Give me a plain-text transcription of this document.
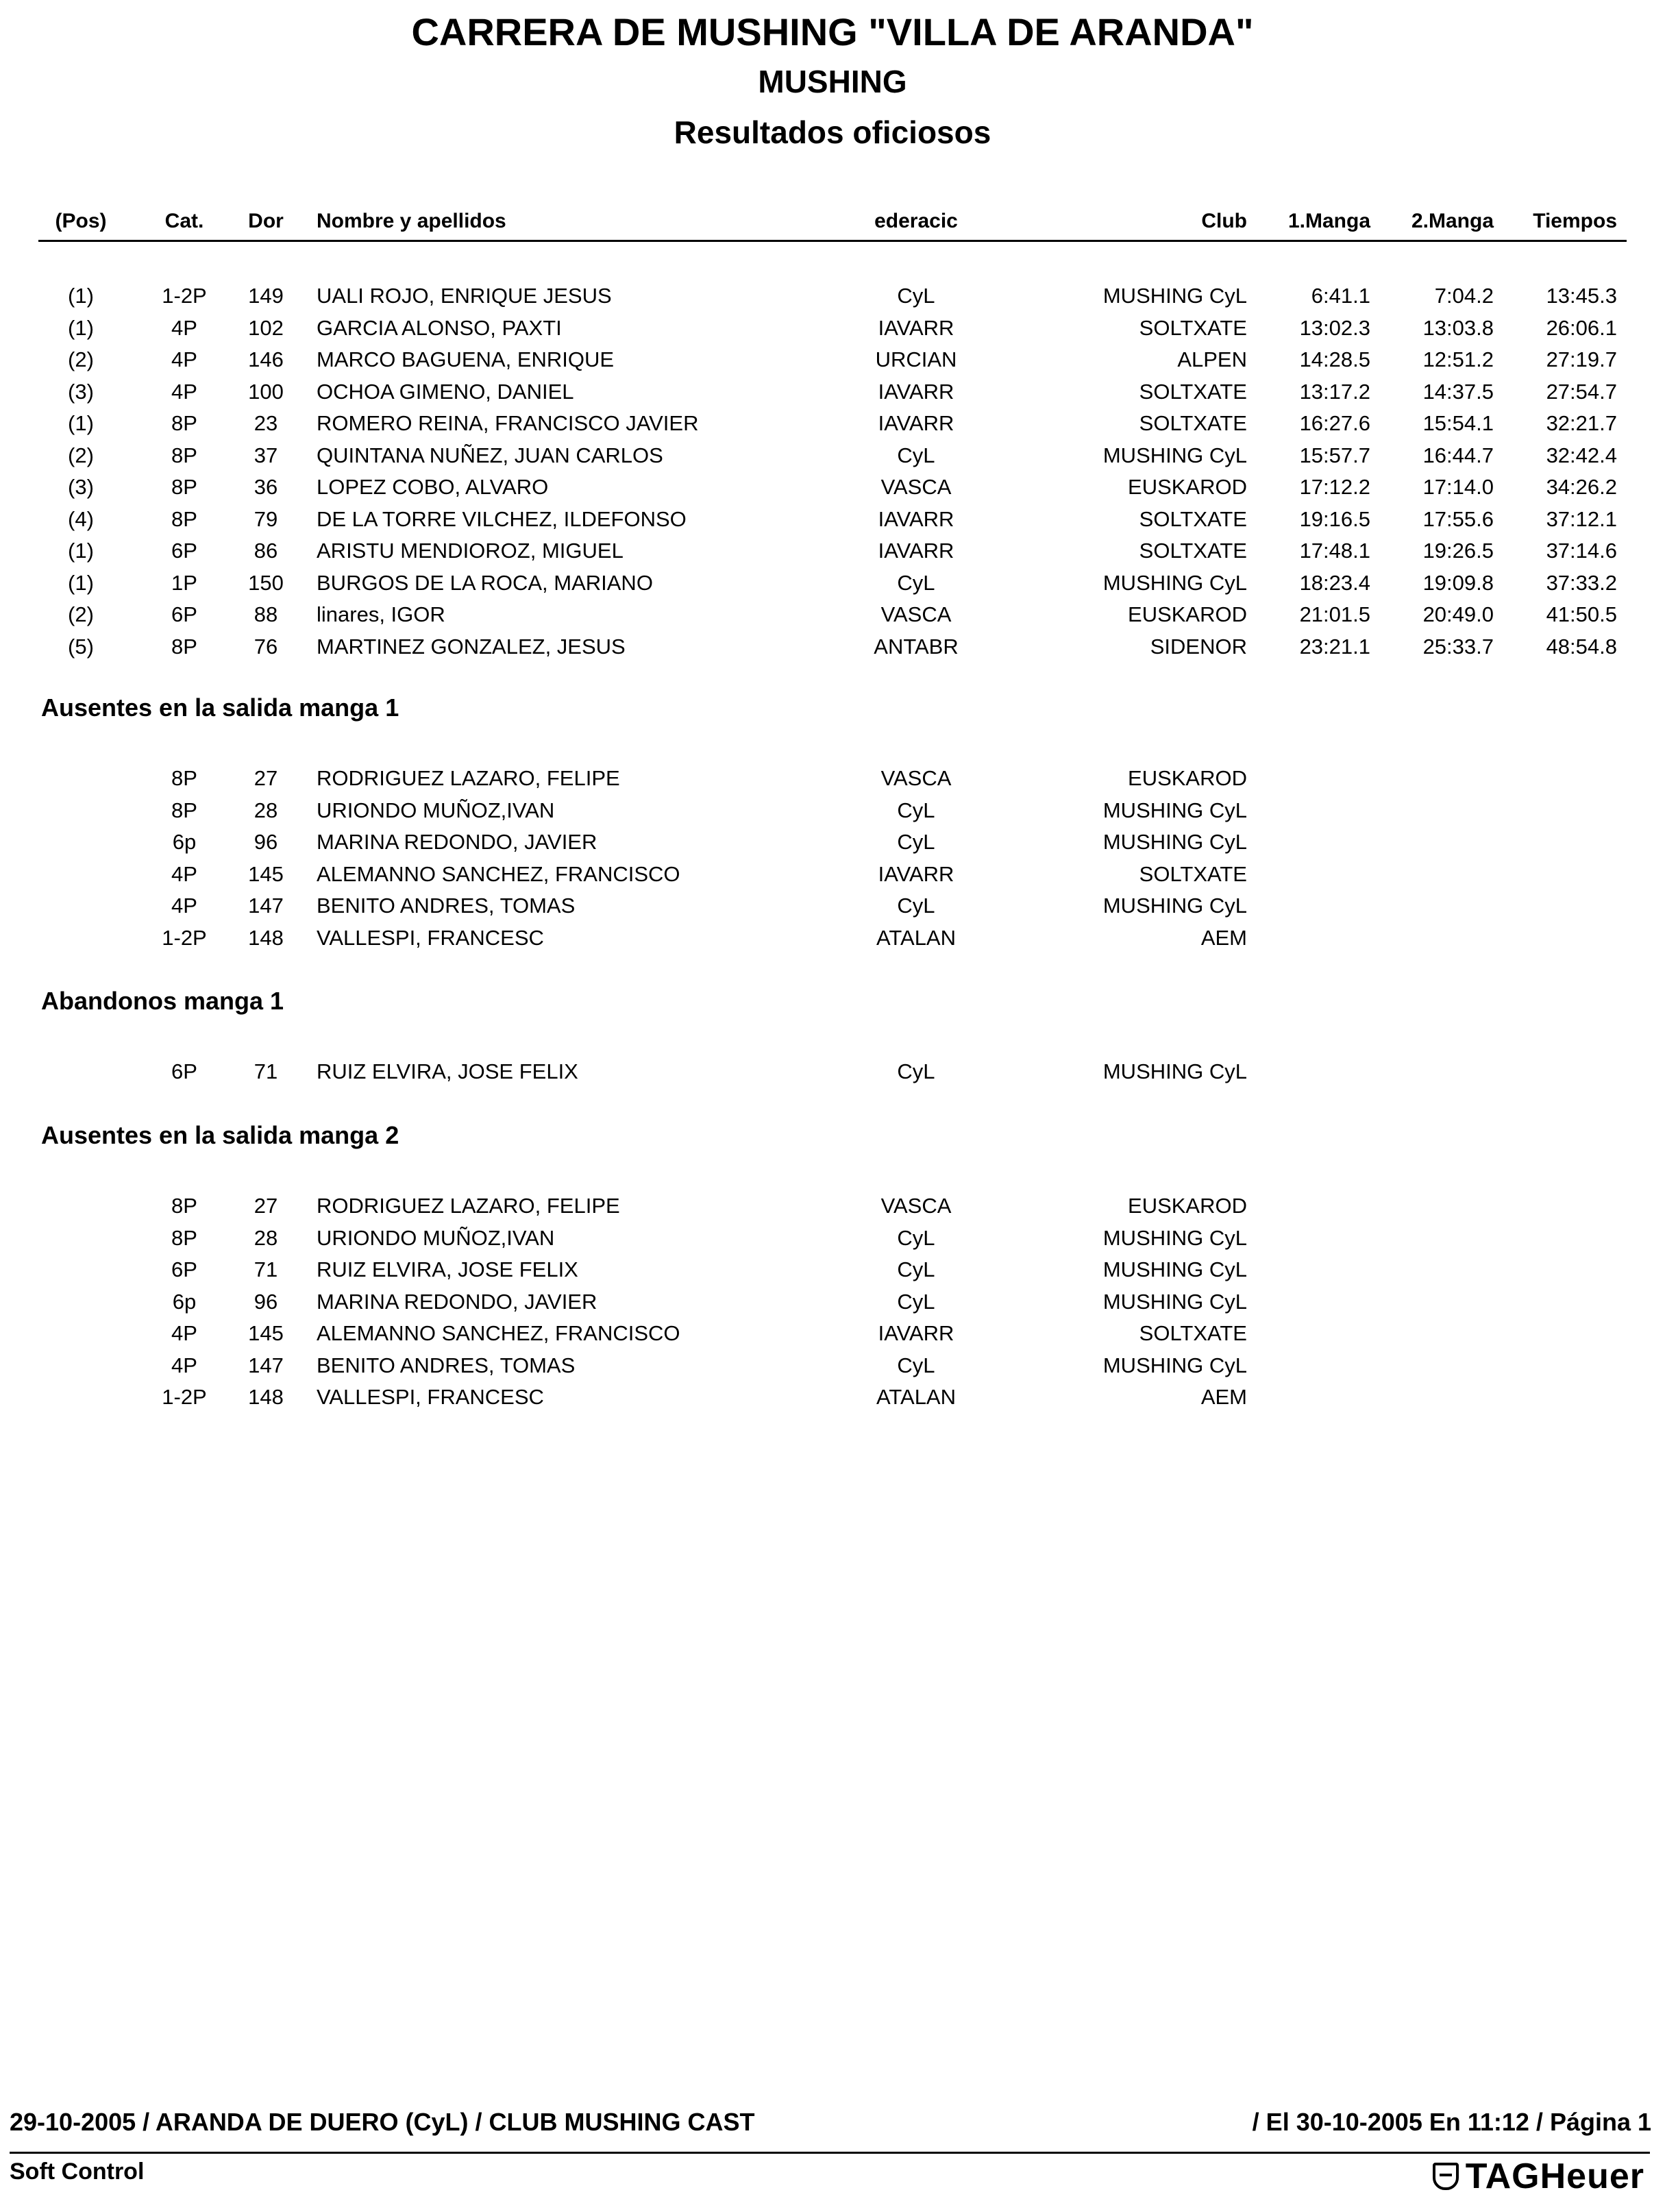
CARRERA DE MUSHING "VILLA DE ARANDA"
MUSHING
Resultados oficiosos
(Pos)	Cat.	Dor	Nombre y apellidos	ederacic	Club	1.Manga	2.Manga	Tiempos
(1)	1-2P	149	UALI ROJO, ENRIQUE JESUS	CyL	MUSHING CyL	6:41.1	7:04.2	13:45.3
(1)	4P	102	GARCIA ALONSO, PAXTI	IAVARR	SOLTXATE	13:02.3	13:03.8	26:06.1
(2)	4P	146	MARCO BAGUENA, ENRIQUE	URCIAN	ALPEN	14:28.5	12:51.2	27:19.7
(3)	4P	100	OCHOA GIMENO, DANIEL	IAVARR	SOLTXATE	13:17.2	14:37.5	27:54.7
(1)	8P	23	ROMERO REINA, FRANCISCO JAVIER	IAVARR	SOLTXATE	16:27.6	15:54.1	32:21.7
(2)	8P	37	QUINTANA NUÑEZ, JUAN CARLOS	CyL	MUSHING CyL	15:57.7	16:44.7	32:42.4
(3)	8P	36	LOPEZ COBO, ALVARO	VASCA	EUSKAROD	17:12.2	17:14.0	34:26.2
(4)	8P	79	DE LA TORRE VILCHEZ, ILDEFONSO	IAVARR	SOLTXATE	19:16.5	17:55.6	37:12.1
(1)	6P	86	ARISTU MENDIOROZ, MIGUEL	IAVARR	SOLTXATE	17:48.1	19:26.5	37:14.6
(1)	1P	150	BURGOS DE LA ROCA, MARIANO	CyL	MUSHING CyL	18:23.4	19:09.8	37:33.2
(2)	6P	88	linares, IGOR	VASCA	EUSKAROD	21:01.5	20:49.0	41:50.5
(5)	8P	76	MARTINEZ GONZALEZ, JESUS	ANTABR	SIDENOR	23:21.1	25:33.7	48:54.8
Ausentes en la salida manga 1
8P	27	RODRIGUEZ LAZARO, FELIPE	VASCA	EUSKAROD
8P	28	URIONDO MUÑOZ,IVAN	CyL	MUSHING CyL
6p	96	MARINA REDONDO, JAVIER	CyL	MUSHING CyL
4P	145	ALEMANNO SANCHEZ, FRANCISCO	IAVARR	SOLTXATE
4P	147	BENITO ANDRES, TOMAS	CyL	MUSHING CyL
1-2P	148	VALLESPI, FRANCESC	ATALAN	AEM
Abandonos manga 1
6P	71	RUIZ ELVIRA, JOSE FELIX	CyL	MUSHING CyL
Ausentes en la salida manga 2
8P	27	RODRIGUEZ LAZARO, FELIPE	VASCA	EUSKAROD
8P	28	URIONDO MUÑOZ,IVAN	CyL	MUSHING CyL
6P	71	RUIZ ELVIRA, JOSE FELIX	CyL	MUSHING CyL
6p	96	MARINA REDONDO, JAVIER	CyL	MUSHING CyL
4P	145	ALEMANNO SANCHEZ, FRANCISCO	IAVARR	SOLTXATE
4P	147	BENITO ANDRES, TOMAS	CyL	MUSHING CyL
1-2P	148	VALLESPI, FRANCESC	ATALAN	AEM
29-10-2005 / ARANDA DE DUERO (CyL) / CLUB MUSHING CAST	/ El 30-10-2005 En 11:12 / Página 1
Soft Control	TAGHeuer
